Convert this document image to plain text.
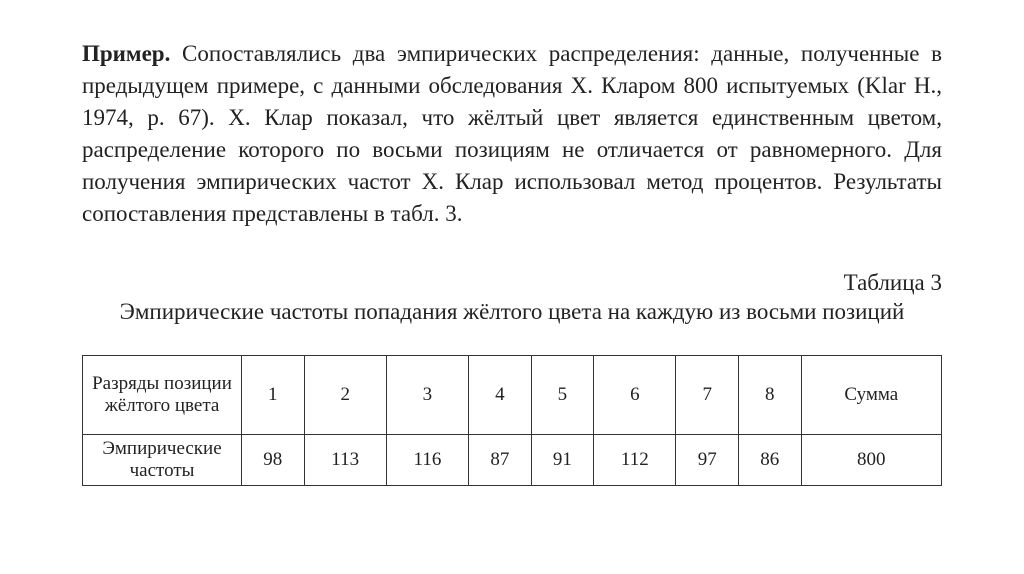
Пример. Сопоставлялись два эмпирических распределения: данные, полученные в предыдущем примере, с данными обследования Х. Кларом 800 испытуемых (Klar H., 1974, p. 67). Х. Клар показал, что жёлтый цвет является единственным цветом, распределение которого по восьми позициям не отличается от равномерного. Для получения эмпирических частот Х. Клар использовал метод процентов. Результаты сопоставления представлены в табл. 3.

Таблица 3

Эмпирические частоты попадания жёлтого цвета на каждую из восьми позиций

Разряды позиции жёлтого цвета	1	2	3	4	5	6	7	8	Сумма
Эмпирические частоты	98	113	116	87	91	112	97	86	800
